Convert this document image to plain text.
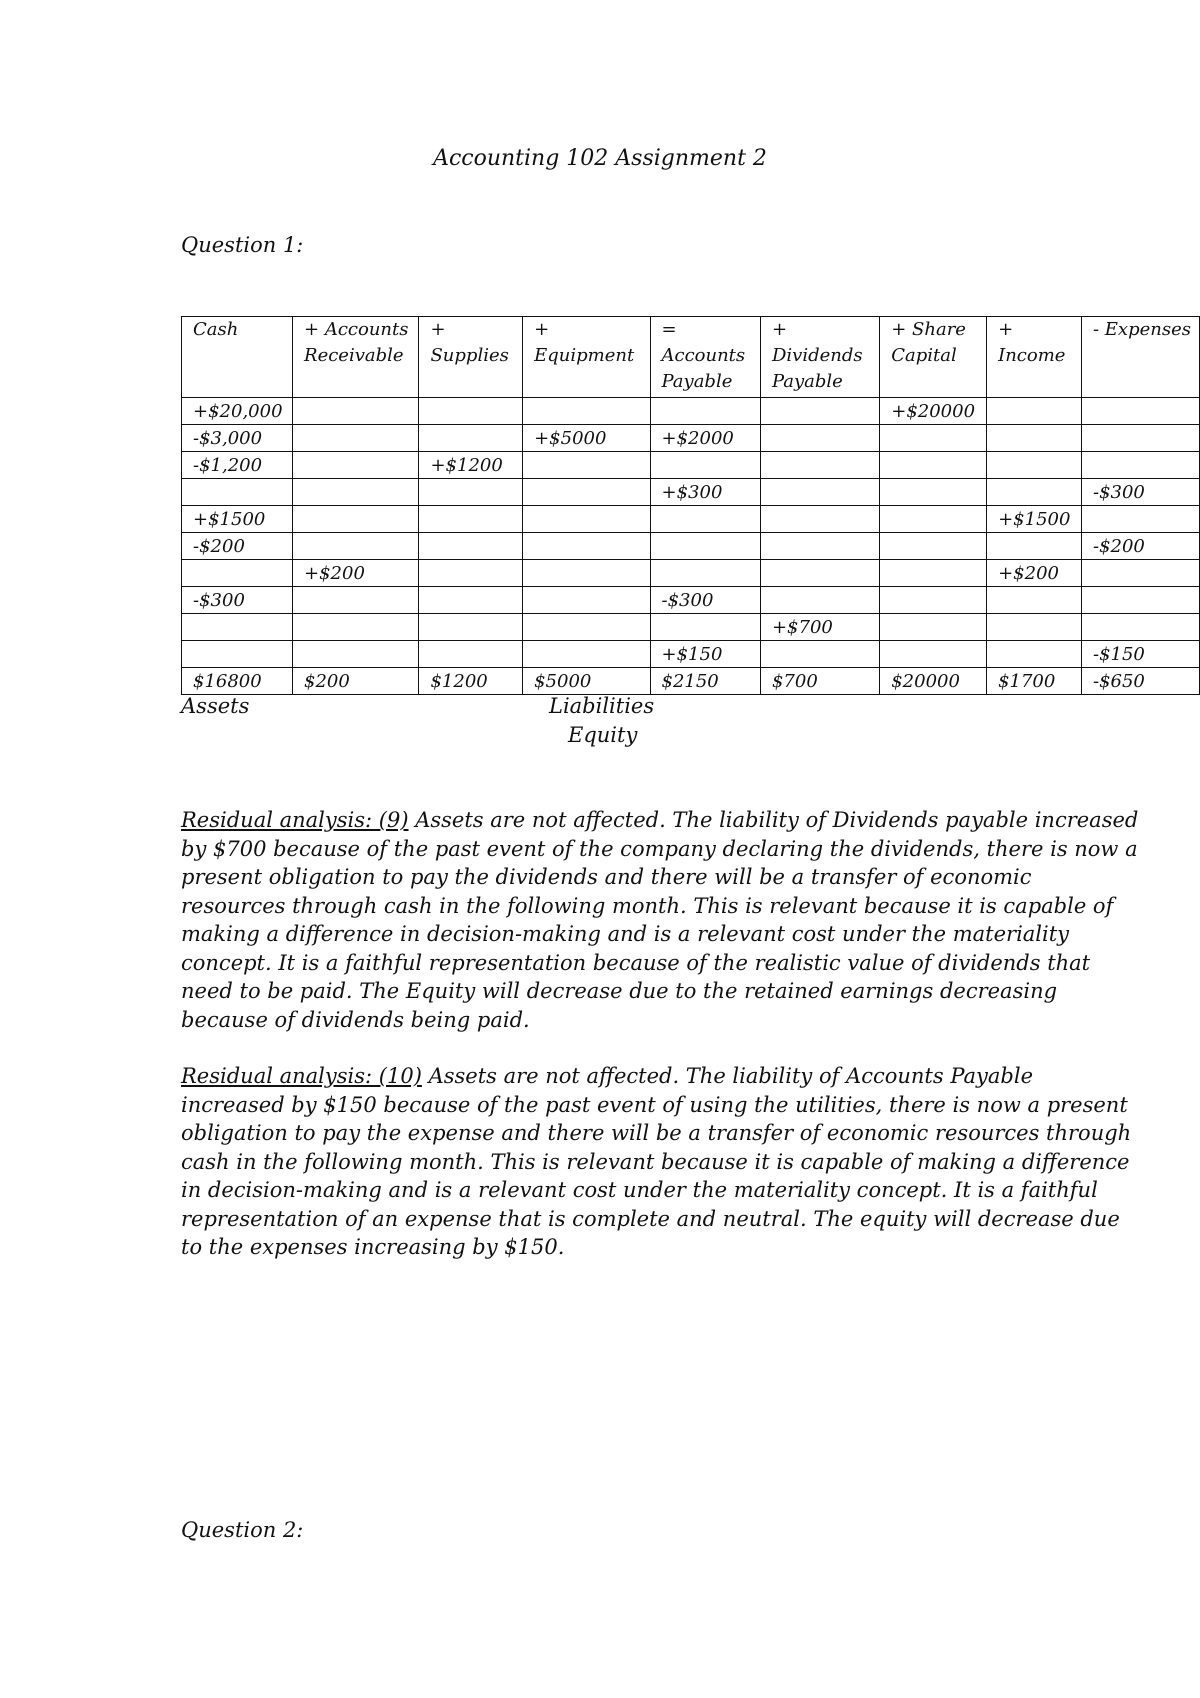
Accounting 102 Assignment 2
Question 1:
Cash	+ Accounts Receivable	+ Supplies	+ Equipment	= Accounts Payable	+ Dividends Payable	+ Share Capital	+ Income	- Expenses
+$20,000						+$20000		
-$3,000			+$5000	+$2000				
-$1,200		+$1200						
				+$300				-$300
+$1500							+$1500	
-$200								-$200
	+$200						+$200	
-$300				-$300				
					+$700			
				+$150				-$150
$16800	$200	$1200	$5000	$2150	$700	$20000	$1700	-$650
Assets	Liabilities
Equity

Residual analysis: (9) Assets are not affected. The liability of Dividends payable increased by $700 because of the past event of the company declaring the dividends, there is now a present obligation to pay the dividends and there will be a transfer of economic resources through cash in the following month. This is relevant because it is capable of making a difference in decision-making and is a relevant cost under the materiality concept. It is a faithful representation because of the realistic value of dividends that need to be paid. The Equity will decrease due to the retained earnings decreasing because of dividends being paid.

Residual analysis: (10) Assets are not affected. The liability of Accounts Payable increased by $150 because of the past event of using the utilities, there is now a present obligation to pay the expense and there will be a transfer of economic resources through cash in the following month. This is relevant because it is capable of making a difference in decision-making and is a relevant cost under the materiality concept. It is a faithful representation of an expense that is complete and neutral. The equity will decrease due to the expenses increasing by $150.

Question 2:
